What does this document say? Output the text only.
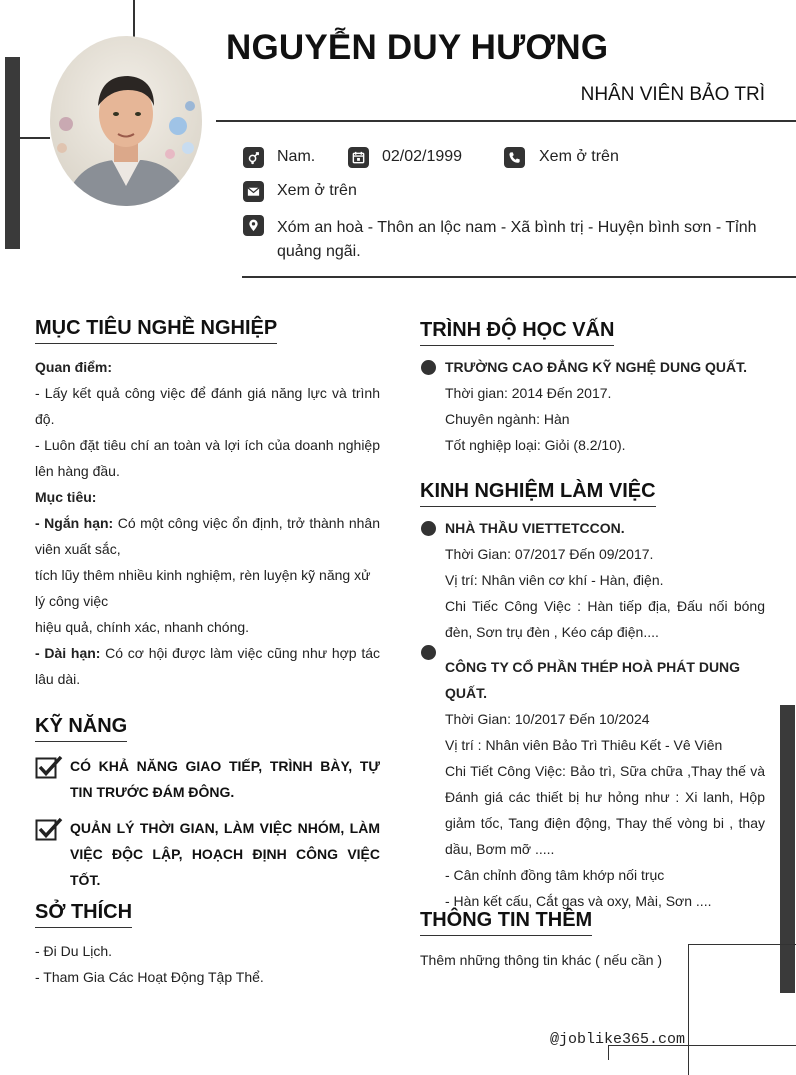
NGUYỄN DUY HƯƠNG
NHÂN VIÊN BẢO TRÌ
Nam.	02/02/1999	Xem ở trên
Xem ở trên
Xóm an hoà - Thôn an lộc nam - Xã bình trị - Huyện bình sơn - Tỉnh quảng ngãi.
MỤC TIÊU NGHỀ NGHIỆP
Quan điểm:
- Lấy kết quả công việc để đánh giá năng lực và trình độ.
- Luôn đặt tiêu chí an toàn và lợi ích của doanh nghiệp lên hàng đầu.
Mục tiêu:
- Ngắn hạn: Có một công việc ổn định, trở thành nhân viên xuất sắc,
tích lũy thêm nhiều kinh nghiệm, rèn luyện kỹ năng xử lý công việc
hiệu quả, chính xác, nhanh chóng.
- Dài hạn: Có cơ hội được làm việc cũng như hợp tác lâu dài.
KỸ NĂNG
CÓ KHẢ NĂNG GIAO TIẾP, TRÌNH BÀY, TỰ TIN TRƯỚC ĐÁM ĐÔNG.
QUẢN LÝ THỜI GIAN, LÀM VIỆC NHÓM, LÀM VIỆC ĐỘC LẬP, HOẠCH ĐỊNH CÔNG VIỆC TỐT.
SỞ THÍCH
- Đi Du Lịch.
- Tham Gia Các Hoạt Động Tập Thể.
TRÌNH ĐỘ HỌC VẤN
TRƯỜNG CAO ĐẲNG KỸ NGHỆ DUNG QUẤT.
Thời gian: 2014 Đến 2017.
Chuyên ngành: Hàn
Tốt nghiệp loại: Giỏi (8.2/10).
KINH NGHIỆM LÀM VIỆC
NHÀ THẦU VIETTETCCON.
Thời Gian: 07/2017 Đến 09/2017.
Vị trí: Nhân viên cơ khí - Hàn, điện.
Chi Tiếc Công Việc : Hàn tiếp địa, Đấu nối bóng đèn, Sơn trụ đèn , Kéo cáp điện....
CÔNG TY CỔ PHẦN THÉP HOÀ PHÁT DUNG QUẤT.
Thời Gian: 10/2017 Đến 10/2024
Vị trí : Nhân viên Bảo Trì Thiêu Kết - Vê Viên
Chi Tiết Công Việc: Bảo trì, Sữa chữa ,Thay thế và Đánh giá các thiết bị hư hỏng như : Xi lanh, Hộp giảm tốc, Tang điện động, Thay thế vòng bi , thay dầu, Bơm mỡ .....
- Cân chỉnh đồng tâm khớp nối trục
- Hàn kết cấu, Cắt gas và oxy, Mài, Sơn ....
THÔNG TIN THÊM
Thêm những thông tin khác ( nếu cần )
@joblike365.com
